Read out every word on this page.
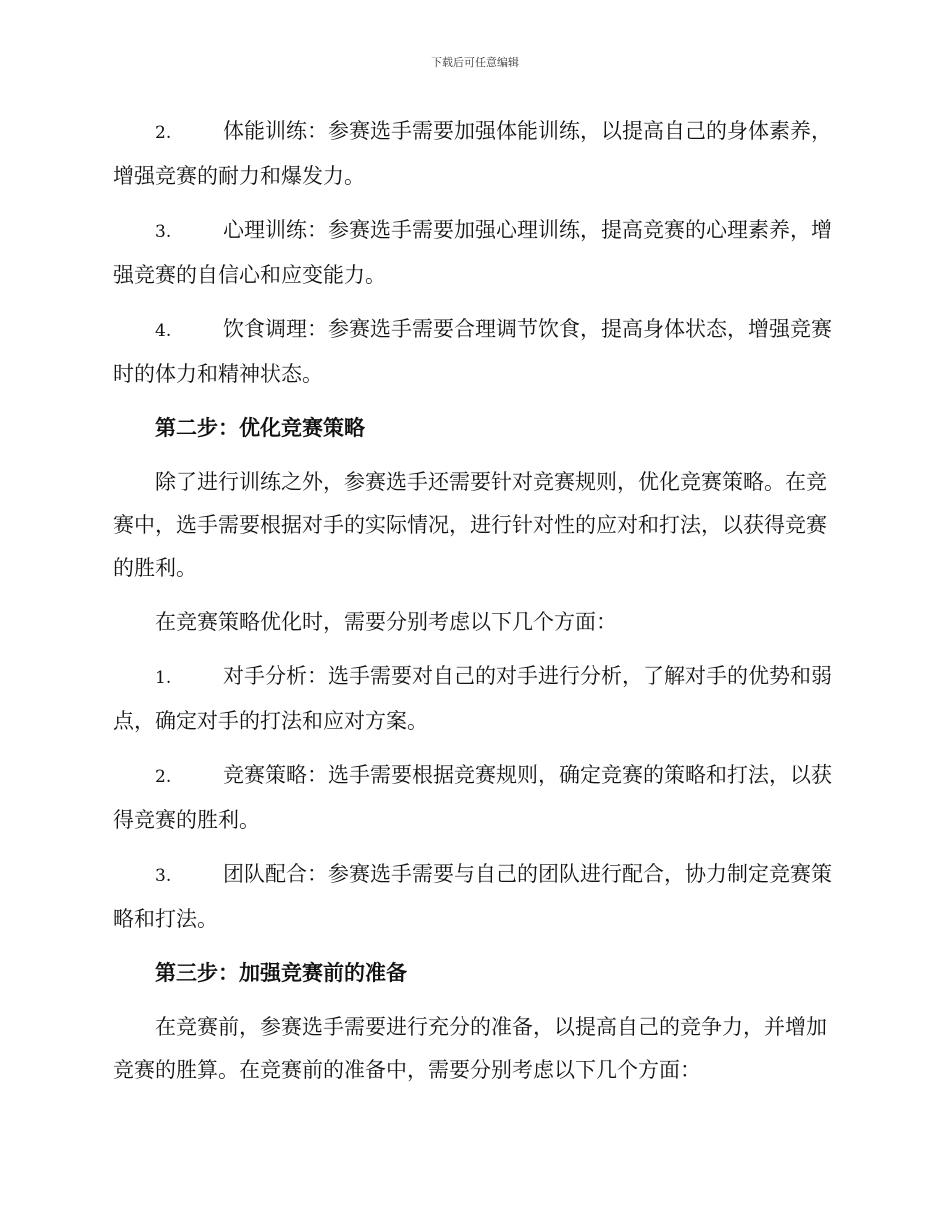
下载后可任意编辑

2. 体能训练：参赛选手需要加强体能训练，以提高自己的身体素养，增强竞赛的耐力和爆发力。

3. 心理训练：参赛选手需要加强心理训练，提高竞赛的心理素养，增强竞赛的自信心和应变能力。

4. 饮食调理：参赛选手需要合理调节饮食，提高身体状态，增强竞赛时的体力和精神状态。

第二步：优化竞赛策略

除了进行训练之外，参赛选手还需要针对竞赛规则，优化竞赛策略。在竞赛中，选手需要根据对手的实际情况，进行针对性的应对和打法，以获得竞赛的胜利。

在竞赛策略优化时，需要分别考虑以下几个方面：

1. 对手分析：选手需要对自己的对手进行分析，了解对手的优势和弱点，确定对手的打法和应对方案。

2. 竞赛策略：选手需要根据竞赛规则，确定竞赛的策略和打法，以获得竞赛的胜利。

3. 团队配合：参赛选手需要与自己的团队进行配合，协力制定竞赛策略和打法。

第三步：加强竞赛前的准备

在竞赛前，参赛选手需要进行充分的准备，以提高自己的竞争力，并增加竞赛的胜算。在竞赛前的准备中，需要分别考虑以下几个方面：
